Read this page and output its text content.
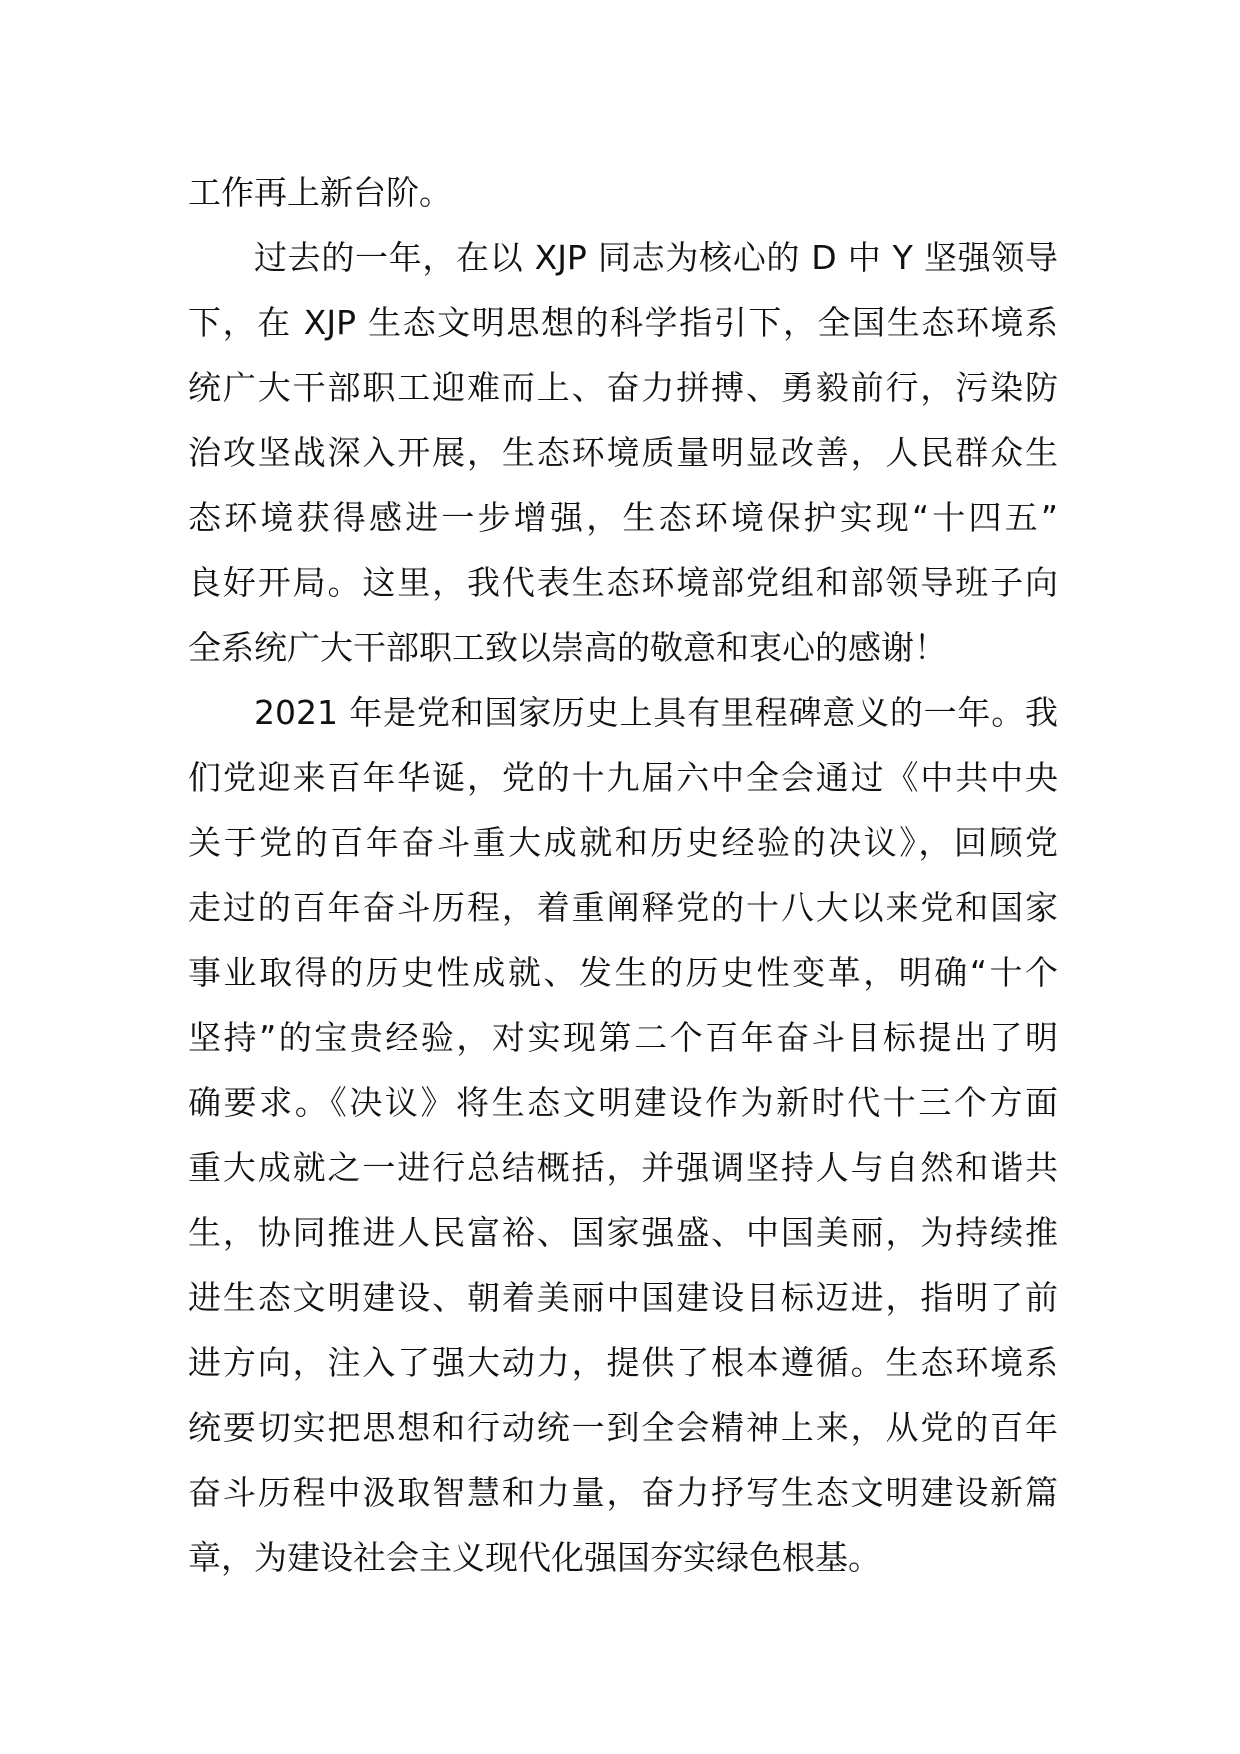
工作再上新台阶。
过去的一年，在以 XJP 同志为核心的 D 中 Y 坚强领导
下，在 XJP 生态文明思想的科学指引下，全国生态环境系
统广大干部职工迎难而上、奋力拼搏、勇毅前行，污染防
治攻坚战深入开展，生态环境质量明显改善，人民群众生
态环境获得感进一步增强，生态环境保护实现“十四五”
良好开局。这里，我代表生态环境部党组和部领导班子向
全系统广大干部职工致以崇高的敬意和衷心的感谢！
2021 年是党和国家历史上具有里程碑意义的一年。我
们党迎来百年华诞，党的十九届六中全会通过《中共中央
关于党的百年奋斗重大成就和历史经验的决议》，回顾党
走过的百年奋斗历程，着重阐释党的十八大以来党和国家
事业取得的历史性成就、发生的历史性变革，明确“十个
坚持”的宝贵经验，对实现第二个百年奋斗目标提出了明
确要求。《决议》将生态文明建设作为新时代十三个方面
重大成就之一进行总结概括，并强调坚持人与自然和谐共
生，协同推进人民富裕、国家强盛、中国美丽，为持续推
进生态文明建设、朝着美丽中国建设目标迈进，指明了前
进方向，注入了强大动力，提供了根本遵循。生态环境系
统要切实把思想和行动统一到全会精神上来，从党的百年
奋斗历程中汲取智慧和力量，奋力抒写生态文明建设新篇
章，为建设社会主义现代化强国夯实绿色根基。
